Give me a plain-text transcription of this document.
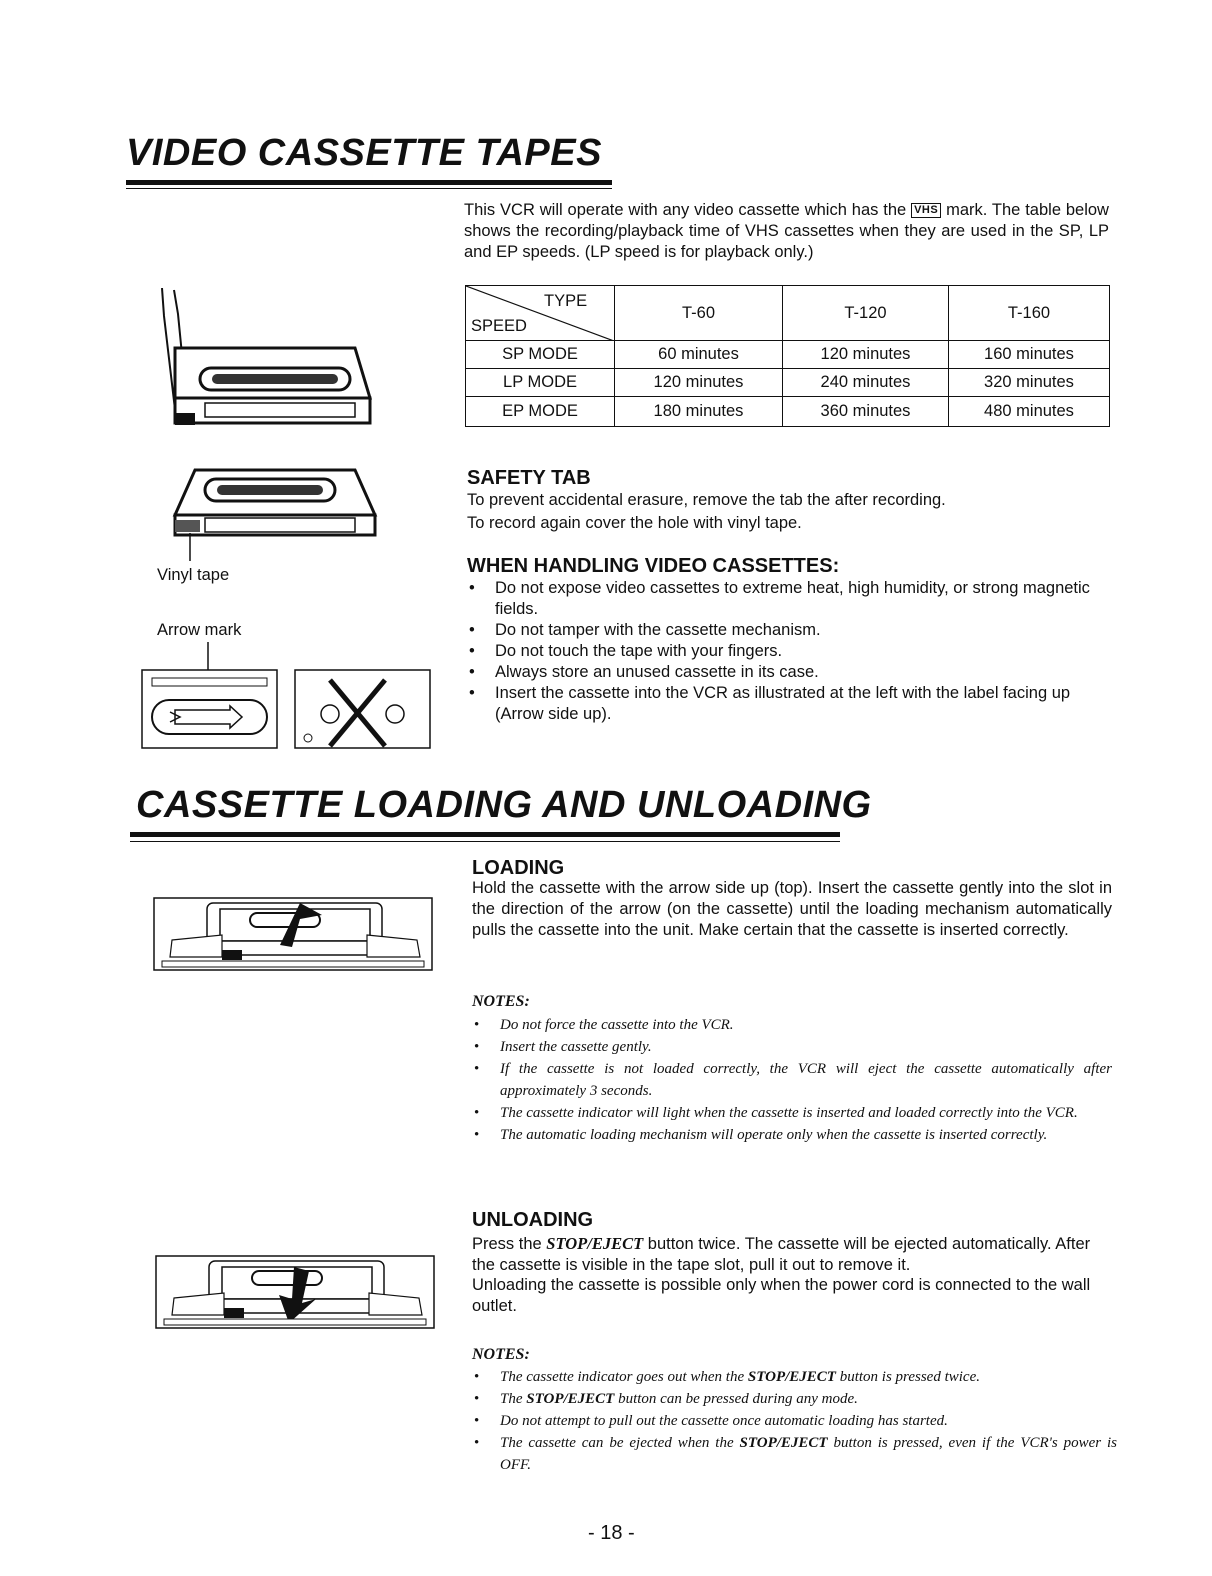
VIDEO CASSETTE TAPES

This VCR will operate with any video cassette which has the VHS mark. The table below shows the recording/playback time of VHS cassettes when they are used in the SP, LP and EP speeds. (LP speed is for playback only.)

TYPE
SPEED	T-60	T-120	T-160
SP MODE	60 minutes	120 minutes	160 minutes
LP MODE	120 minutes	240 minutes	320 minutes
EP MODE	180 minutes	360 minutes	480 minutes
SAFETY TAB

To prevent accidental erasure, remove the tab the after recording.

To record again cover the hole with vinyl tape.

WHEN HANDLING VIDEO CASSETTES:
• Do not expose video cassettes to extreme heat, high humidity, or strong magnetic fields.
• Do not tamper with the cassette mechanism.
• Do not touch the tape with your fingers.
• Always store an unused cassette in its case.
• Insert the cassette into the VCR as illustrated at the left with the label facing up (Arrow side up).
Vinyl tape
Arrow mark
CASSETTE LOADING AND UNLOADING
LOADING

Hold the cassette with the arrow side up (top). Insert the cassette gently into the slot in the direction of the arrow (on the cassette) until the loading mechanism automatically pulls the cassette into the unit. Make certain that the cassette is inserted correctly.

NOTES:
• Do not force the cassette into the VCR.
• Insert the cassette gently.
• If the cassette is not loaded correctly, the VCR will eject the cassette automatically after approximately 3 seconds.
• The cassette indicator will light when the cassette is inserted and loaded correctly into the VCR.
• The automatic loading mechanism will operate only when the cassette is inserted correctly.
UNLOADING

Press the STOP/EJECT button twice. The cassette will be ejected automatically. After the cassette is visible in the tape slot, pull it out to remove it.

Unloading the cassette is possible only when the power cord is connected to the wall outlet.

NOTES:
• The cassette indicator goes out when the STOP/EJECT button is pressed twice.
• The STOP/EJECT button can be pressed during any mode.
• Do not attempt to pull out the cassette once automatic loading has started.
• The cassette can be ejected when the STOP/EJECT button is pressed, even if the VCR's power is OFF.
- 18 -
